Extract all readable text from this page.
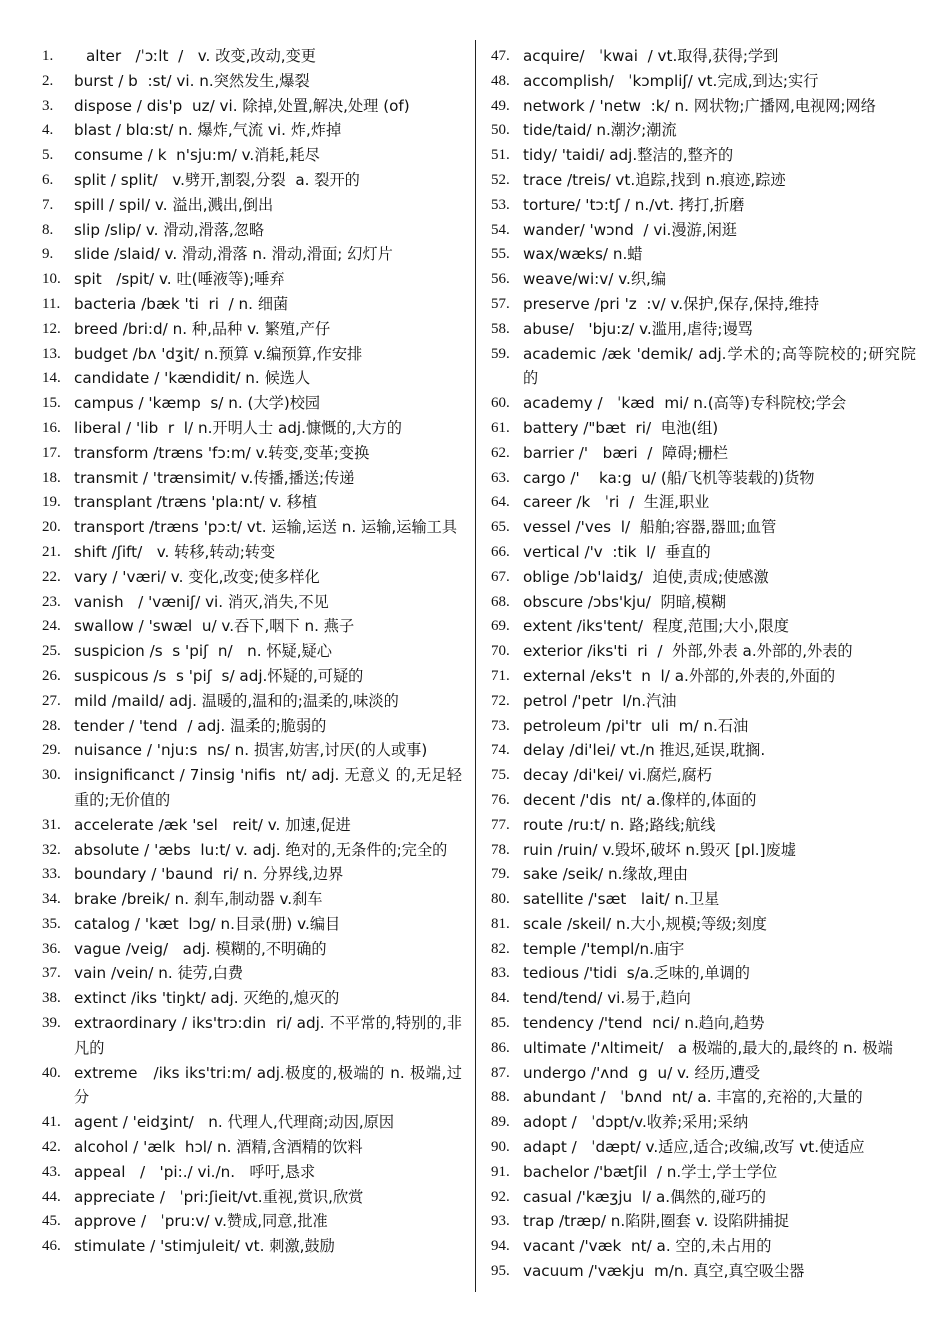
1.	alter   /ˈɔːlt  /   v. 改变,改动,变更
2.	burst / b  :st/ vi. n.突然发生,爆裂
3.	dispose / dis'p  uz/ vi. 除掉,处置,解决,处理 (of)
4.	blast / blɑ:st/ n. 爆炸,气流 vi. 炸,炸掉
5.	consume / k  n'sju:m/ v.消耗,耗尽
6.	split / split/   v.劈开,割裂,分裂  a. 裂开的
7.	spill / spil/ v. 溢出,溅出,倒出
8.	slip /slip/ v. 滑动,滑落,忽略
9.	slide /slaid/ v. 滑动,滑落 n. 滑动,滑面; 幻灯片
10. spit   /spit/ v. 吐(唾液等);唾弃
11. bacteria /bæk 'ti  ri  / n. 细菌
12. breed /bri:d/ n. 种,品种 v. 繁殖,产仔
13. budget /bʌ 'dʒit/ n.预算 v.编预算,作安排
14. candidate / 'kændidit/ n. 候选人
15. campus / 'kæmp  s/ n. (大学)校园
16. liberal / 'lib  r  l/ n.开明人士 adj.慷慨的,大方的
17. transform /træns 'fɔ:m/ v.转变,变革;变换
18. transmit / 'trænsimit/ v.传播,播送;传递
19. transplant /træns 'pla:nt/ v. 移植
20. transport /træns 'pɔ:t/ vt. 运输,运送 n. 运输,运输工具
21. shift /ʃift/   v. 转移,转动;转变
22. vary / 'væri/ v. 变化,改变;使多样化
23. vanish   / 'væniʃ/ vi. 消灭,消失,不见
24. swallow / 'swæl  u/ v.吞下,咽下 n. 燕子
25. suspicion /s  s 'piʃ  n/   n. 怀疑,疑心
26. suspicous /s  s 'piʃ  s/ adj.怀疑的,可疑的
27. mild /maild/ adj. 温暖的,温和的;温柔的,味淡的
28. tender / 'tend  / adj. 温柔的;脆弱的
29. nuisance / 'nju:s  ns/ n. 损害,妨害,讨厌(的人或事)
30. insignificanct / 7insig 'nifis  nt/ adj. 无意义 的,无足轻重的;无价值的
31. accelerate /æk 'sel   reit/ v. 加速,促进
32. absolute / 'æbs  lu:t/ v. adj. 绝对的,无条件的;完全的
33. boundary / 'baund  ri/ n. 分界线,边界
34. brake /breik/ n. 刹车,制动器 v.刹车
35. catalog / 'kæt  lɔg/ n.目录(册) v.编目
36. vague /veig/   adj. 模糊的,不明确的
37. vain /vein/ n. 徒劳,白费
38. extinct /iks 'tiŋkt/ adj. 灭绝的,熄灭的
39. extraordinary / iks'trɔ:din  ri/ adj. 不平常的,特别的,非凡的
40. extreme   /iks iks'tri:m/ adj.极度的,极端的 n. 极端,过分
41. agent / 'eidʒint/   n. 代理人,代理商;动因,原因
42. alcohol / 'ælk  hɔl/ n. 酒精,含酒精的饮料
43. appeal   /   'pi:./ vi./n.   呼吁,恳求
44. appreciate /   ˈpri:ʃieit/vt.重视,赏识,欣赏
45. approve /   ˈpru:v/ v.赞成,同意,批准
46. stimulate / 'stimjuleit/ vt. 刺激,鼓励
47. acquire/   ˈkwai  / vt.取得,获得;学到
48. accomplish/   ˈkɔmpliʃ/ vt.完成,到达;实行
49. network / 'netw  :k/ n. 网状物;广播网,电视网;网络
50. tide/taid/ n.潮汐;潮流
51. tidy/ 'taidi/ adj.整洁的,整齐的
52. trace /treis/ vt.追踪,找到 n.痕迹,踪迹
53. torture/ 'tɔ:tʃ / n./vt. 拷打,折磨
54. wander/ 'wɔnd  / vi.漫游,闲逛
55. wax/wæks/ n.蜡
56. weave/wi:v/ v.织,编
57. preserve /pri 'z  :v/ v.保护,保存,保持,维持
58. abuse/   'bju:z/ v.滥用,虐待;谩骂
59. academic /æk 'demik/ adj.学术的;高等院校的;研究院的
60. academy /   ˈkæd  mi/ n.(高等)专科院校;学会
61. battery /"bæt  ri/  电池(组)
62. barrier /'   bæri  /  障碍;栅栏
63. cargo /'    ka:g  u/ (船/飞机等装载的)货物
64. career /k   ˈri  /  生涯,职业
65. vessel /'ves  l/  船舶;容器,器皿;血管
66. vertical /'v  :tik  l/  垂直的
67. oblige /ɔb'laidʒ/  迫使,责成;使感激
68. obscure /ɔbs'kju/  阴暗,模糊
69. extent /iks'tent/  程度,范围;大小,限度
70. exterior /iks'ti  ri  /  外部,外表 a.外部的,外表的
71. external /eks't  n  l/ a.外部的,外表的,外面的
72. petrol /'petr  l/n.汽油
73. petroleum /pi'tr  uli  m/ n.石油
74. delay /di'lei/ vt./n 推迟,延误,耽搁.
75. decay /di'kei/ vi.腐烂,腐朽
76. decent /'dis  nt/ a.像样的,体面的
77. route /ru:t/ n. 路;路线;航线
78. ruin /ruin/ v.毁坏,破坏 n.毁灭 [pl.]废墟
79. sake /seik/ n.缘故,理由
80. satellite /'sæt   lait/ n.卫星
81. scale /skeil/ n.大小,规模;等级;刻度
82. temple /'templ/n.庙宇
83. tedious /'tidi  s/a.乏味的,单调的
84. tend/tend/ vi.易于,趋向
85. tendency /'tend  nci/ n.趋向,趋势
86. ultimate /'ʌltimeit/   a 极端的,最大的,最终的 n. 极端
87. undergo /'ʌnd  g  u/ v. 经历,遭受
88. abundant /   ˈbʌnd  nt/ a. 丰富的,充裕的,大量的
89. adopt /   ˈdɔpt/v.收养;采用;采纳
90. adapt /   ˈdæpt/ v.适应,适合;改编,改写 vt.使适应
91. bachelor /'bætʃil  / n.学士,学士学位
92. casual /'kæʒju  l/ a.偶然的,碰巧的
93. trap /træp/ n.陷阱,圈套 v. 设陷阱捕捉
94. vacant /'væk  nt/ a. 空的,未占用的
95. vacuum /'vækju  m/n. 真空,真空吸尘器
